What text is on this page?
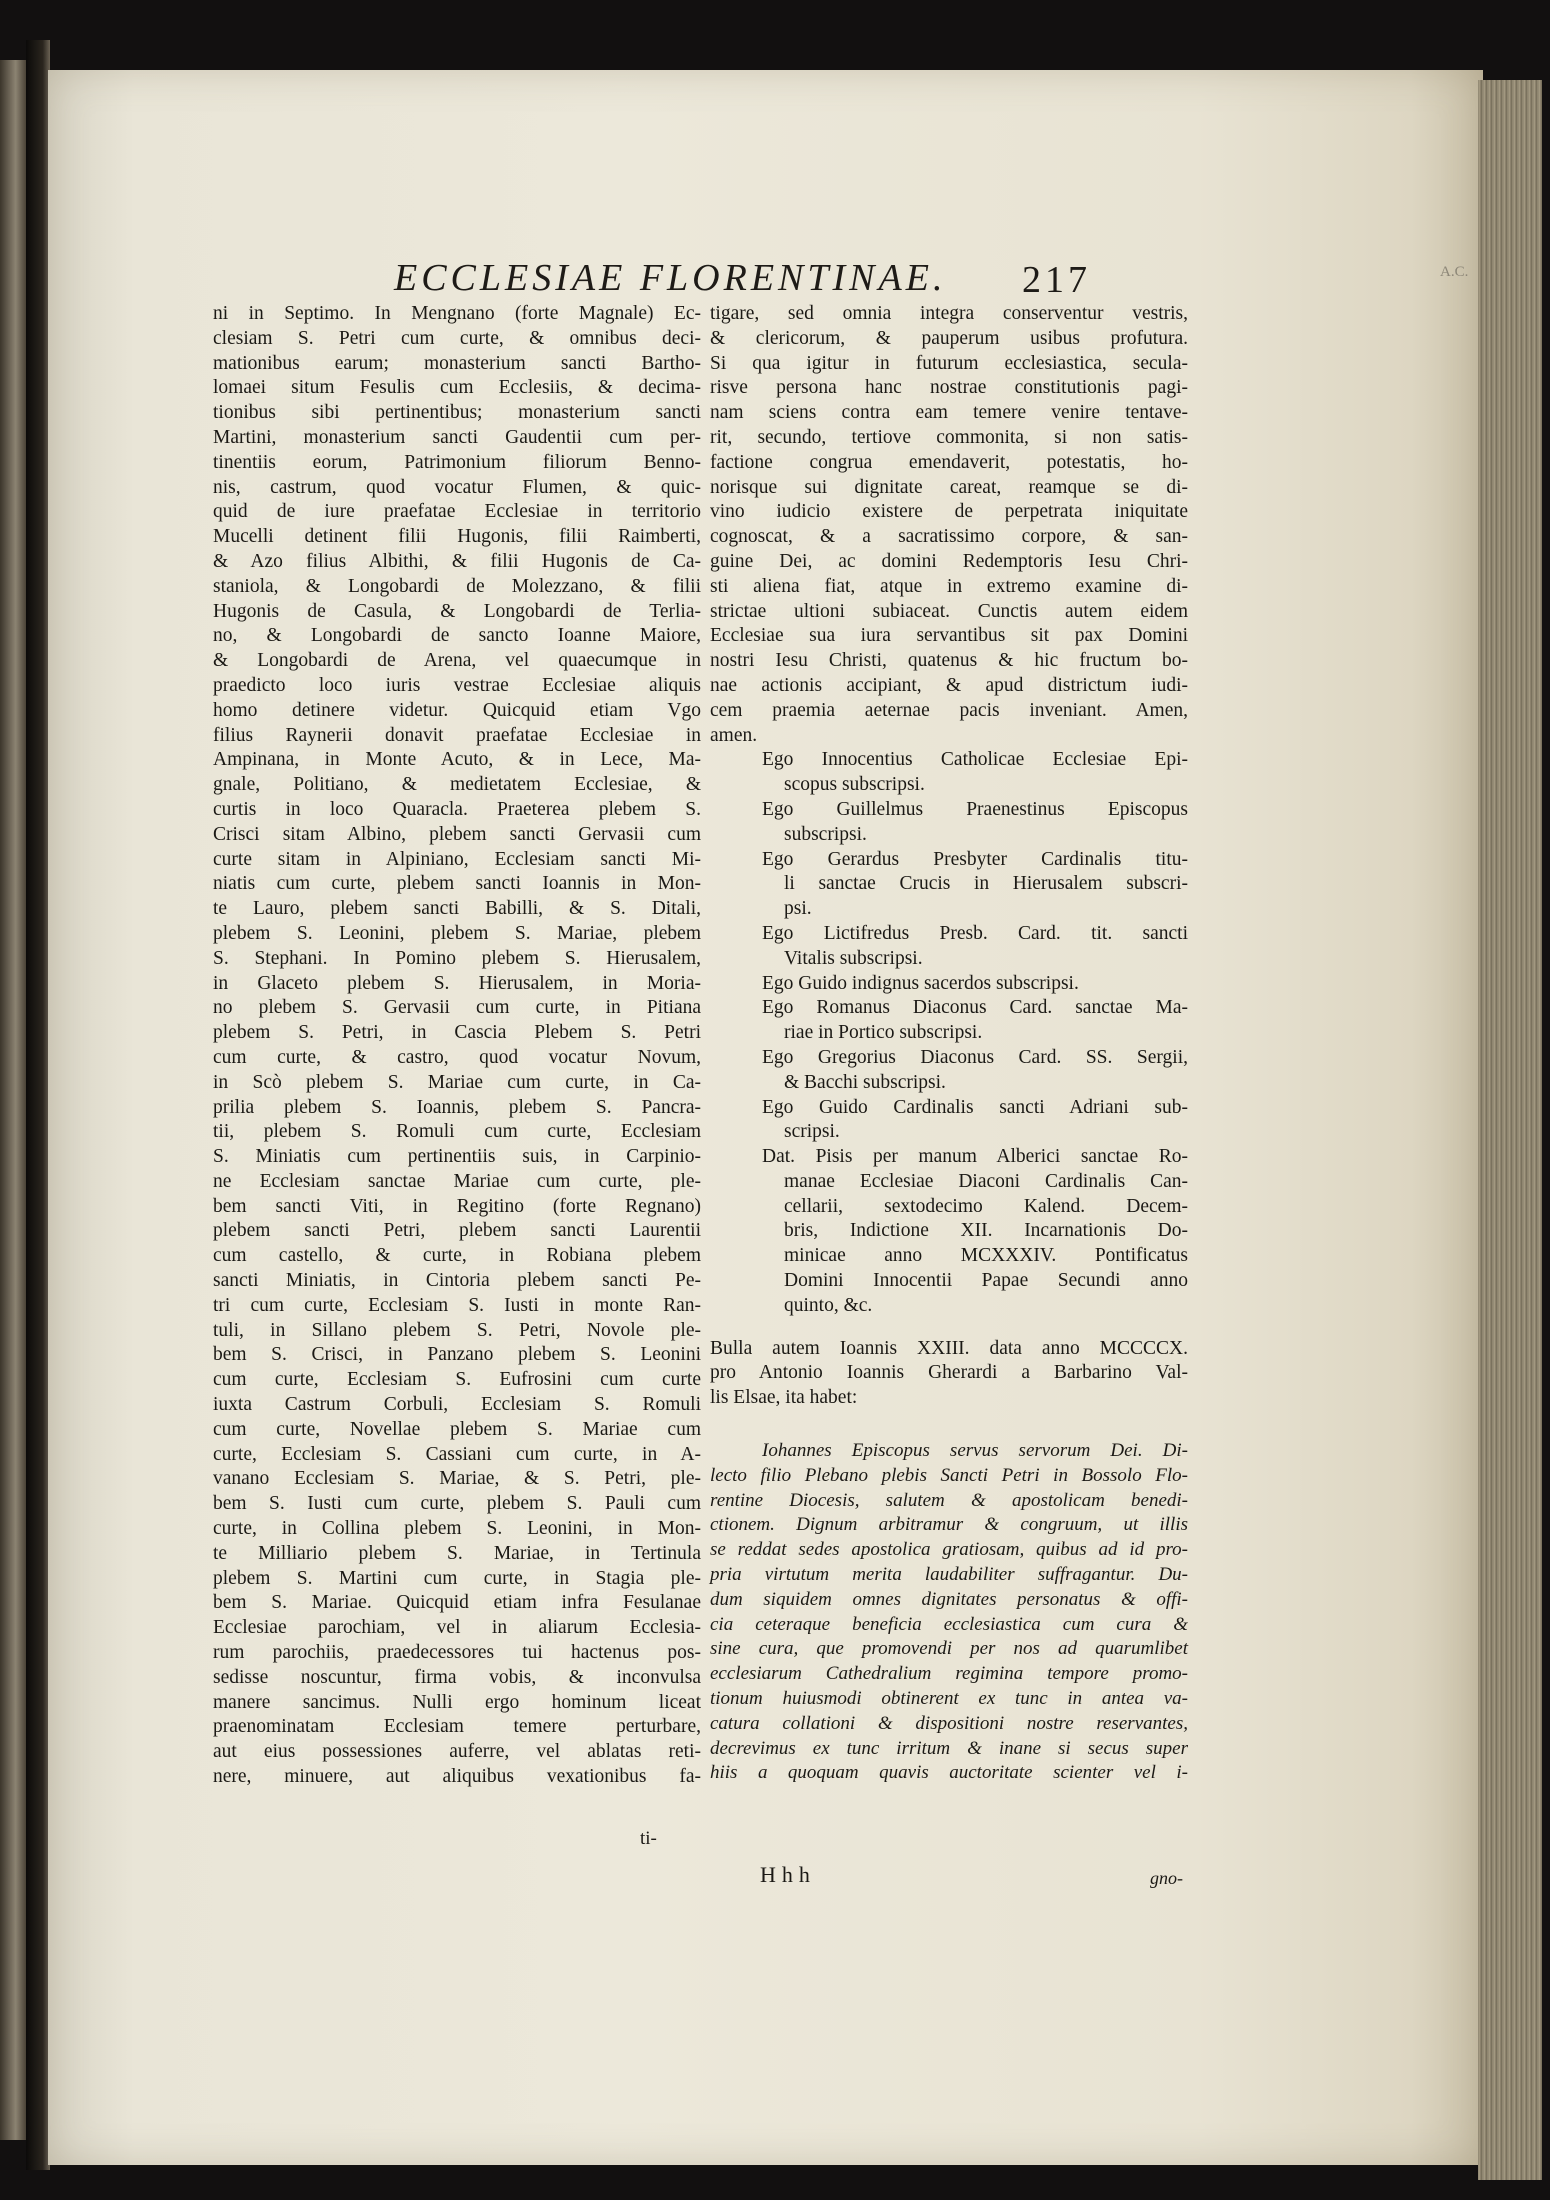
ECCLESIAE FLORENTINAE. 217	A.C.
ni in Septimo. In Mengnano (forte Magnale) Ec-
clesiam S. Petri cum curte, & omnibus deci-
mationibus earum; monasterium sancti Bartho-
lomaei situm Fesulis cum Ecclesiis, & decima-
tionibus sibi pertinentibus; monasterium sancti
Martini, monasterium sancti Gaudentii cum per-
tinentiis eorum, Patrimonium filiorum Benno-
nis, castrum, quod vocatur Flumen, & quic-
quid de iure praefatae Ecclesiae in territorio
Mucelli detinent filii Hugonis, filii Raimberti,
& Azo filius Albithi, & filii Hugonis de Ca-
staniola, & Longobardi de Molezzano, & filii
Hugonis de Casula, & Longobardi de Terlia-
no, & Longobardi de sancto Ioanne Maiore,
& Longobardi de Arena, vel quaecumque in
praedicto loco iuris vestrae Ecclesiae aliquis
homo detinere videtur. Quicquid etiam Vgo
filius Raynerii donavit praefatae Ecclesiae in
Ampinana, in Monte Acuto, & in Lece, Ma-
gnale, Politiano, & medietatem Ecclesiae, &
curtis in loco Quaracla. Praeterea plebem S.
Crisci sitam Albino, plebem sancti Gervasii cum
curte sitam in Alpiniano, Ecclesiam sancti Mi-
niatis cum curte, plebem sancti Ioannis in Mon-
te Lauro, plebem sancti Babilli, & S. Ditali,
plebem S. Leonini, plebem S. Mariae, plebem
S. Stephani. In Pomino plebem S. Hierusalem,
in Glaceto plebem S. Hierusalem, in Moria-
no plebem S. Gervasii cum curte, in Pitiana
plebem S. Petri, in Cascia Plebem S. Petri
cum curte, & castro, quod vocatur Novum,
in Scò plebem S. Mariae cum curte, in Ca-
prilia plebem S. Ioannis, plebem S. Pancra-
tii, plebem S. Romuli cum curte, Ecclesiam
S. Miniatis cum pertinentiis suis, in Carpinio-
ne Ecclesiam sanctae Mariae cum curte, ple-
bem sancti Viti, in Regitino (forte Regnano)
plebem sancti Petri, plebem sancti Laurentii
cum castello, & curte, in Robiana plebem
sancti Miniatis, in Cintoria plebem sancti Pe-
tri cum curte, Ecclesiam S. Iusti in monte Ran-
tuli, in Sillano plebem S. Petri, Novole ple-
bem S. Crisci, in Panzano plebem S. Leonini
cum curte, Ecclesiam S. Eufrosini cum curte
iuxta Castrum Corbuli, Ecclesiam S. Romuli
cum curte, Novellae plebem S. Mariae cum
curte, Ecclesiam S. Cassiani cum curte, in A-
vanano Ecclesiam S. Mariae, & S. Petri, ple-
bem S. Iusti cum curte, plebem S. Pauli cum
curte, in Collina plebem S. Leonini, in Mon-
te Milliario plebem S. Mariae, in Tertinula
plebem S. Martini cum curte, in Stagia ple-
bem S. Mariae. Quicquid etiam infra Fesulanae
Ecclesiae parochiam, vel in aliarum Ecclesia-
rum parochiis, praedecessores tui hactenus pos-
sedisse noscuntur, firma vobis, & inconvulsa
manere sancimus. Nulli ergo hominum liceat
praenominatam Ecclesiam temere perturbare,
aut eius possessiones auferre, vel ablatas reti-
nere, minuere, aut aliquibus vexationibus fa-
tigare, sed omnia integra conserventur vestris,
& clericorum, & pauperum usibus profutura.
Si qua igitur in futurum ecclesiastica, secula-
risve persona hanc nostrae constitutionis pagi-
nam sciens contra eam temere venire tentave-
rit, secundo, tertiove commonita, si non satis-
factione congrua emendaverit, potestatis, ho-
norisque sui dignitate careat, reamque se di-
vino iudicio existere de perpetrata iniquitate
cognoscat, & a sacratissimo corpore, & san-
guine Dei, ac domini Redemptoris Iesu Chri-
sti aliena fiat, atque in extremo examine di-
strictae ultioni subiaceat. Cunctis autem eidem
Ecclesiae sua iura servantibus sit pax Domini
nostri Iesu Christi, quatenus & hic fructum bo-
nae actionis accipiant, & apud districtum iudi-
cem praemia aeternae pacis inveniant. Amen,
amen.
Ego Innocentius Catholicae Ecclesiae Epi-
scopus subscripsi.
Ego Guillelmus Praenestinus Episcopus
subscripsi.
Ego Gerardus Presbyter Cardinalis titu-
li sanctae Crucis in Hierusalem subscri-
psi.
Ego Lictifredus Presb. Card. tit. sancti
Vitalis subscripsi.
Ego Guido indignus sacerdos subscripsi.
Ego Romanus Diaconus Card. sanctae Ma-
riae in Portico subscripsi.
Ego Gregorius Diaconus Card. SS. Sergii,
& Bacchi subscripsi.
Ego Guido Cardinalis sancti Adriani sub-
scripsi.
Dat. Pisis per manum Alberici sanctae Ro-
manae Ecclesiae Diaconi Cardinalis Can-
cellarii, sextodecimo Kalend. Decem-
bris, Indictione XII. Incarnationis Do-
minicae anno MCXXXIV. Pontificatus
Domini Innocentii Papae Secundi anno
quinto, &c.
Bulla autem Ioannis XXIII. data anno MCCCCX.
pro Antonio Ioannis Gherardi a Barbarino Val-
lis Elsae, ita habet:
Iohannes Episcopus servus servorum Dei. Di-
lecto filio Plebano plebis Sancti Petri in Bossolo Flo-
rentine Diocesis, salutem & apostolicam benedi-
ctionem. Dignum arbitramur & congruum, ut illis
se reddat sedes apostolica gratiosam, quibus ad id pro-
pria virtutum merita laudabiliter suffragantur. Du-
dum siquidem omnes dignitates personatus & offi-
cia ceteraque beneficia ecclesiastica cum cura &
sine cura, que promovendi per nos ad quarumlibet
ecclesiarum Cathedralium regimina tempore promo-
tionum huiusmodi obtinerent ex tunc in antea va-
catura collationi & dispositioni nostre reservantes,
decrevimus ex tunc irritum & inane si secus super
hiis a quoquam quavis auctoritate scienter vel i-
ti-
Hhh	gno-
